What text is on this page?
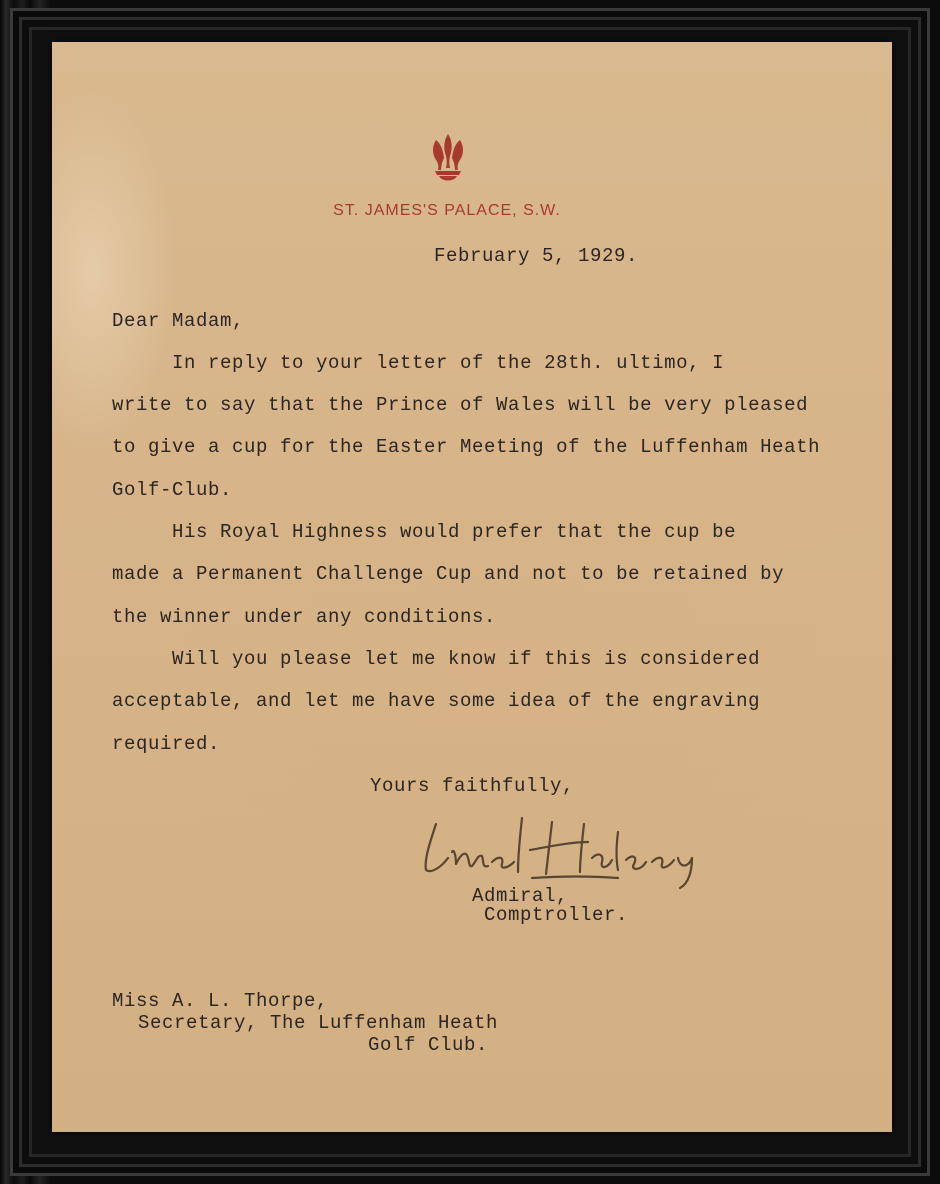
ST. JAMES'S PALACE, S.W.
February 5, 1929.
Dear Madam,
In reply to your letter of the 28th. ultimo, I
write to say that the Prince of Wales will be very pleased
to give a cup for the Easter Meeting of the Luffenham Heath
Golf-Club.
His Royal Highness would prefer that the cup be
made a Permanent Challenge Cup and not to be retained by
the winner under any conditions.
Will you please let me know if this is considered
acceptable, and let me have some idea of the engraving
required.
Yours faithfully,
Admiral,
Comptroller.
Miss A. L. Thorpe,
Secretary, The Luffenham Heath
Golf Club.
